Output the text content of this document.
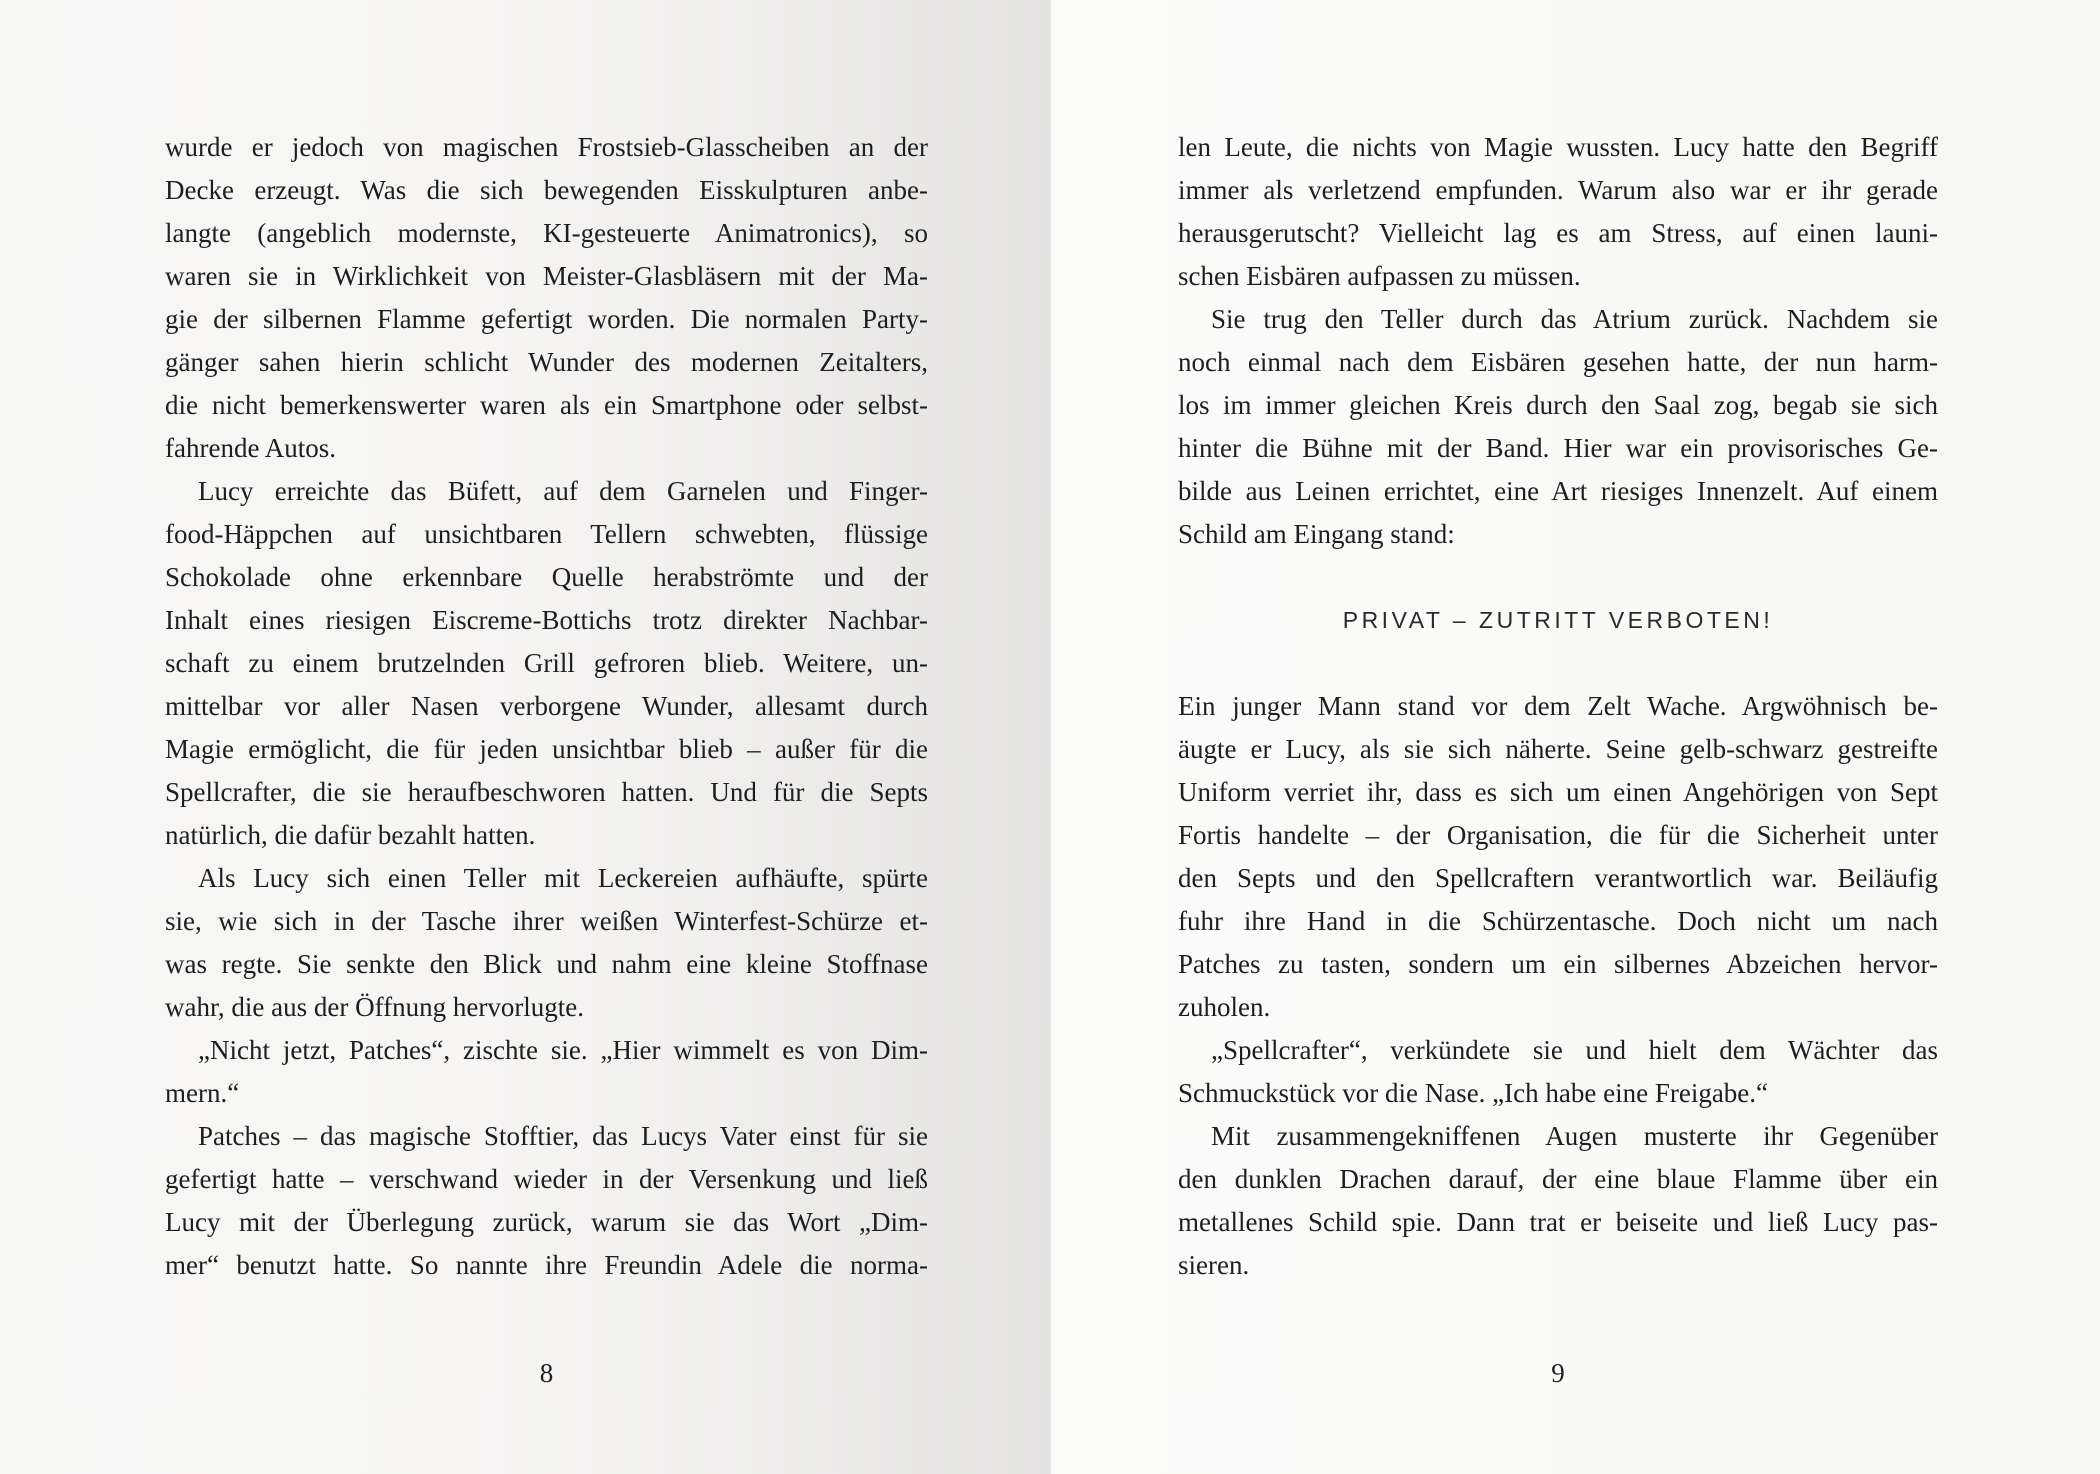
wurde er jedoch von magischen Frostsieb-Glasscheiben an der
Decke erzeugt. Was die sich bewegenden Eisskulpturen anbe-
langte (angeblich modernste, KI-gesteuerte Animatronics), so
waren sie in Wirklichkeit von Meister-Glasbläsern mit der Ma-
gie der silbernen Flamme gefertigt worden. Die normalen Party-
gänger sahen hierin schlicht Wunder des modernen Zeitalters,
die nicht bemerkenswerter waren als ein Smartphone oder selbst-
fahrende Autos.
Lucy erreichte das Büfett, auf dem Garnelen und Finger-
food-Häppchen auf unsichtbaren Tellern schwebten, flüssige
Schokolade ohne erkennbare Quelle herabströmte und der
Inhalt eines riesigen Eiscreme-Bottichs trotz direkter Nachbar-
schaft zu einem brutzelnden Grill gefroren blieb. Weitere, un-
mittelbar vor aller Nasen verborgene Wunder, allesamt durch
Magie ermöglicht, die für jeden unsichtbar blieb – außer für die
Spellcrafter, die sie heraufbeschworen hatten. Und für die Septs
natürlich, die dafür bezahlt hatten.
Als Lucy sich einen Teller mit Leckereien aufhäufte, spürte
sie, wie sich in der Tasche ihrer weißen Winterfest-Schürze et-
was regte. Sie senkte den Blick und nahm eine kleine Stoffnase
wahr, die aus der Öffnung hervorlugte.
„Nicht jetzt, Patches“, zischte sie. „Hier wimmelt es von Dim-
mern.“
Patches – das magische Stofftier, das Lucys Vater einst für sie
gefertigt hatte – verschwand wieder in der Versenkung und ließ
Lucy mit der Überlegung zurück, warum sie das Wort „Dim-
mer“ benutzt hatte. So nannte ihre Freundin Adele die norma-
8
len Leute, die nichts von Magie wussten. Lucy hatte den Begriff
immer als verletzend empfunden. Warum also war er ihr gerade
herausgerutscht? Vielleicht lag es am Stress, auf einen launi-
schen Eisbären aufpassen zu müssen.
Sie trug den Teller durch das Atrium zurück. Nachdem sie
noch einmal nach dem Eisbären gesehen hatte, der nun harm-
los im immer gleichen Kreis durch den Saal zog, begab sie sich
hinter die Bühne mit der Band. Hier war ein provisorisches Ge-
bilde aus Leinen errichtet, eine Art riesiges Innenzelt. Auf einem
Schild am Eingang stand:
PRIVAT – ZUTRITT VERBOTEN!
Ein junger Mann stand vor dem Zelt Wache. Argwöhnisch be-
äugte er Lucy, als sie sich näherte. Seine gelb-schwarz gestreifte
Uniform verriet ihr, dass es sich um einen Angehörigen von Sept
Fortis handelte – der Organisation, die für die Sicherheit unter
den Septs und den Spellcraftern verantwortlich war. Beiläufig
fuhr ihre Hand in die Schürzentasche. Doch nicht um nach
Patches zu tasten, sondern um ein silbernes Abzeichen hervor-
zuholen.
„Spellcrafter“, verkündete sie und hielt dem Wächter das
Schmuckstück vor die Nase. „Ich habe eine Freigabe.“
Mit zusammengekniffenen Augen musterte ihr Gegenüber
den dunklen Drachen darauf, der eine blaue Flamme über ein
metallenes Schild spie. Dann trat er beiseite und ließ Lucy pas-
sieren.
9
